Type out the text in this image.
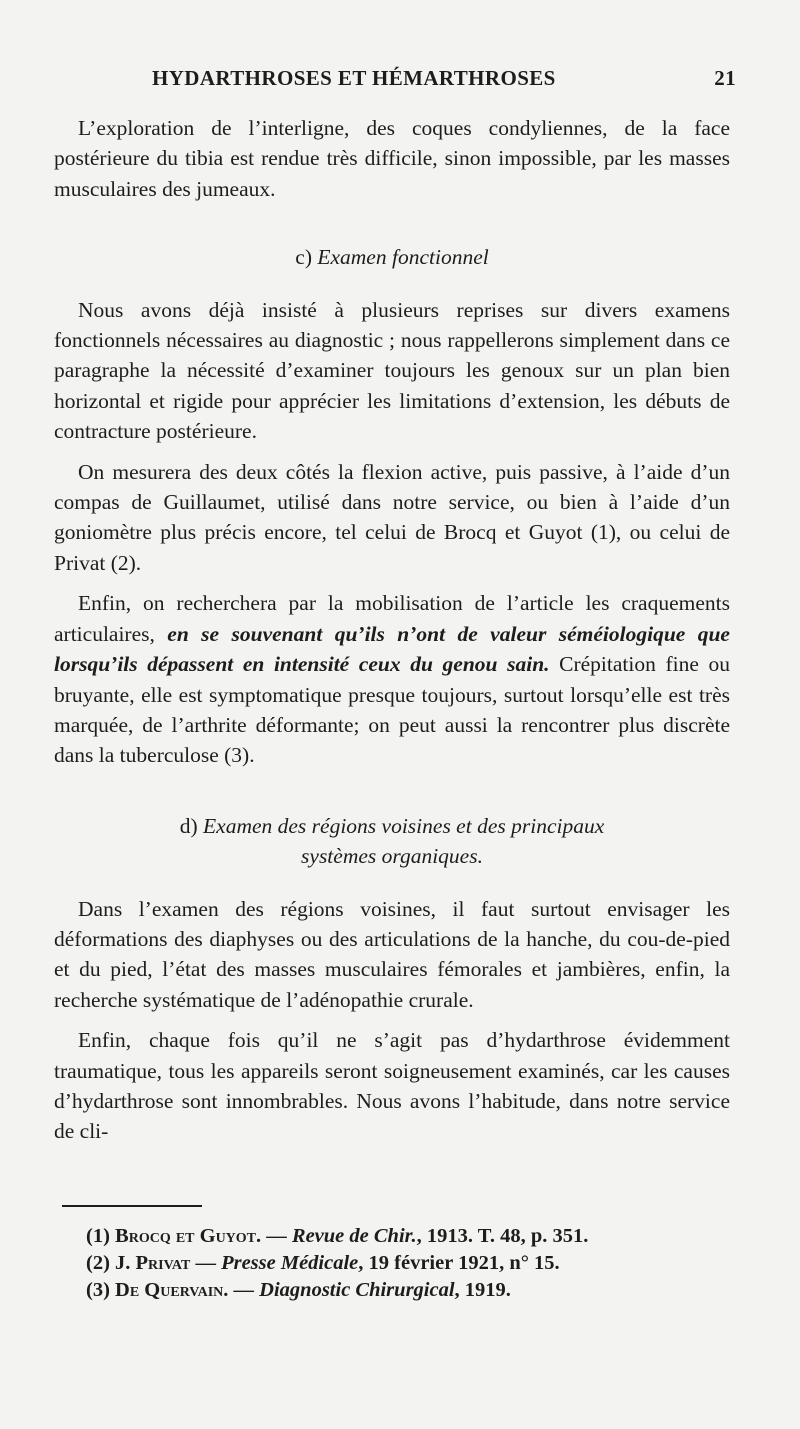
HYDARTHROSES ET HÉMARTHROSES	21

L’exploration de l’interligne, des coques condyliennes, de la face postérieure du tibia est rendue très difficile, sinon impossible, par les masses musculaires des jumeaux.

c) Examen fonctionnel

Nous avons déjà insisté à plusieurs reprises sur divers examens fonctionnels nécessaires au diagnostic ; nous rappellerons simplement dans ce paragraphe la nécessité d’examiner toujours les genoux sur un plan bien horizontal et rigide pour apprécier les limitations d’extension, les débuts de contracture postérieure.

On mesurera des deux côtés la flexion active, puis passive, à l’aide d’un compas de Guillaumet, utilisé dans notre service, ou bien à l’aide d’un goniomètre plus précis encore, tel celui de Brocq et Guyot (1), ou celui de Privat (2).

Enfin, on recherchera par la mobilisation de l’article les craquements articulaires, en se souvenant qu’ils n’ont de valeur séméiologique que lorsqu’ils dépassent en intensité ceux du genou sain. Crépitation fine ou bruyante, elle est symptomatique presque toujours, surtout lorsqu’elle est très marquée, de l’arthrite déformante; on peut aussi la rencontrer plus discrète dans la tuberculose (3).

d) Examen des régions voisines et des principaux
systèmes organiques.

Dans l’examen des régions voisines, il faut surtout envisager les déformations des diaphyses ou des articulations de la hanche, du cou-de-pied et du pied, l’état des masses musculaires fémorales et jambières, enfin, la recherche systématique de l’adénopathie crurale.

Enfin, chaque fois qu’il ne s’agit pas d’hydarthrose évidemment traumatique, tous les appareils seront soigneusement examinés, car les causes d’hydarthrose sont innombrables. Nous avons l’habitude, dans notre service de cli-

(1) Brocq et Guyot. — Revue de Chir., 1913. T. 48, p. 351.
(2) J. Privat — Presse Médicale, 19 février 1921, n° 15.
(3) De Quervain. — Diagnostic Chirurgical, 1919.
